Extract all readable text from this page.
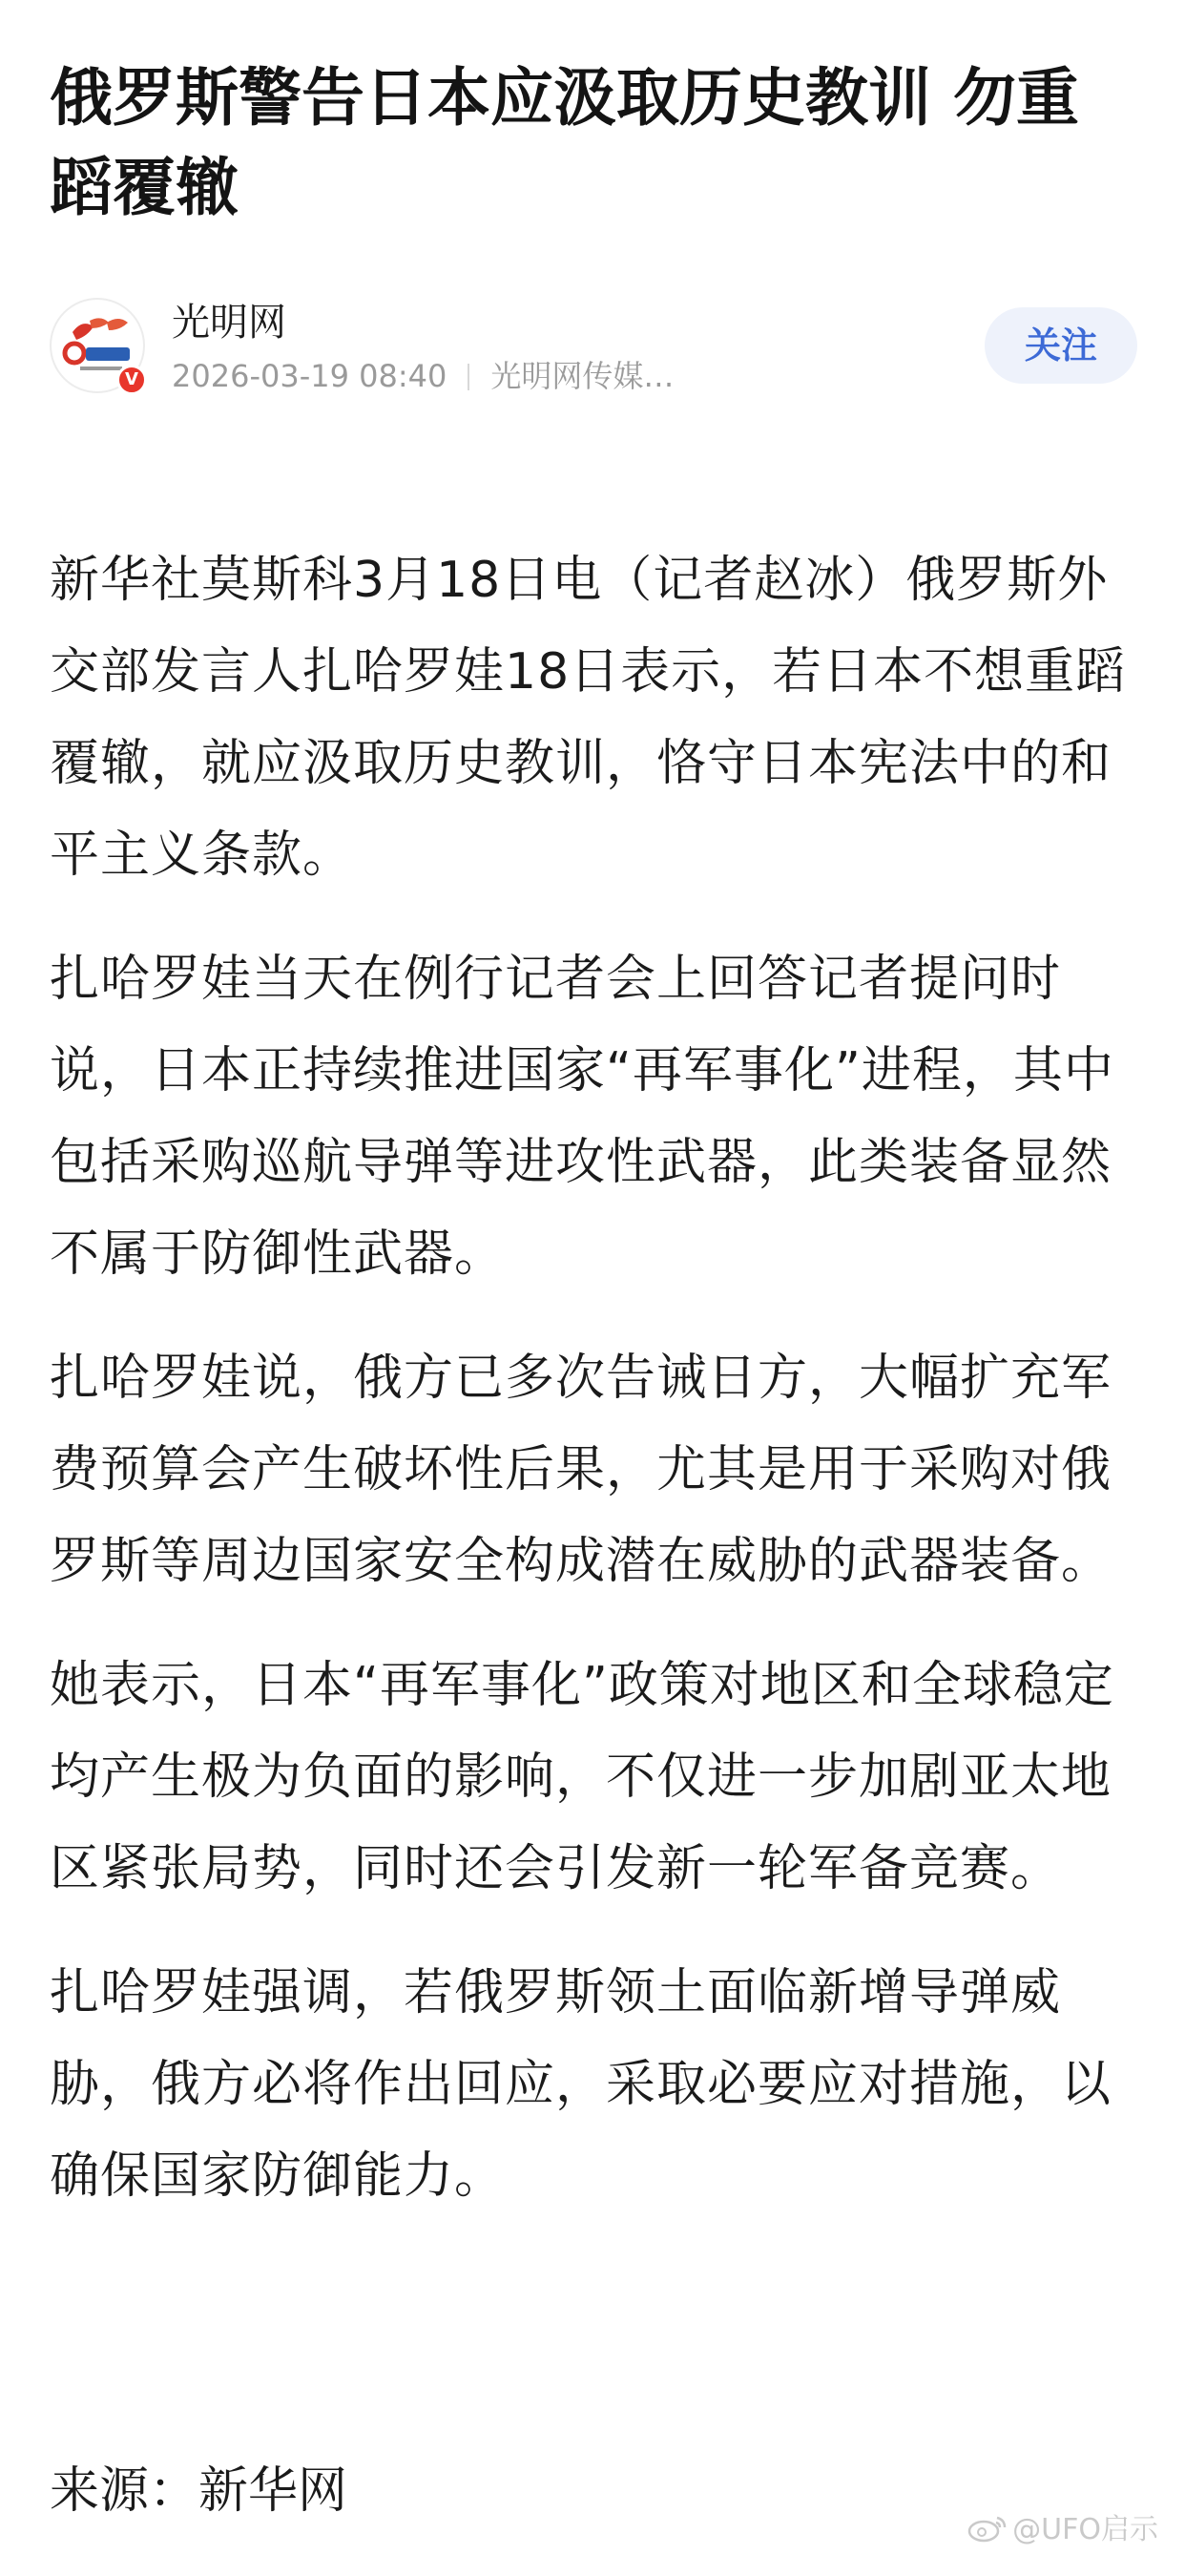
俄罗斯警告日本应汲取历史教训 勿重蹈覆辙
V
光明网
2026-03-19 08:40 光明网传媒…
关注

新华社莫斯科3月18日电（记者赵冰）俄罗斯外交部发言人扎哈罗娃18日表示，若日本不想重蹈覆辙，就应汲取历史教训，恪守日本宪法中的和平主义条款。

扎哈罗娃当天在例行记者会上回答记者提问时说，日本正持续推进国家“再军事化”进程，其中包括采购巡航导弹等进攻性武器，此类装备显然不属于防御性武器。

扎哈罗娃说，俄方已多次告诫日方，大幅扩充军费预算会产生破坏性后果，尤其是用于采购对俄罗斯等周边国家安全构成潜在威胁的武器装备。

她表示，日本“再军事化”政策对地区和全球稳定均产生极为负面的影响，不仅进一步加剧亚太地区紧张局势，同时还会引发新一轮军备竞赛。

扎哈罗娃强调，若俄罗斯领土面临新增导弹威胁，俄方必将作出回应，采取必要应对措施，以确保国家防御能力。

来源：新华网

@UFO启示
